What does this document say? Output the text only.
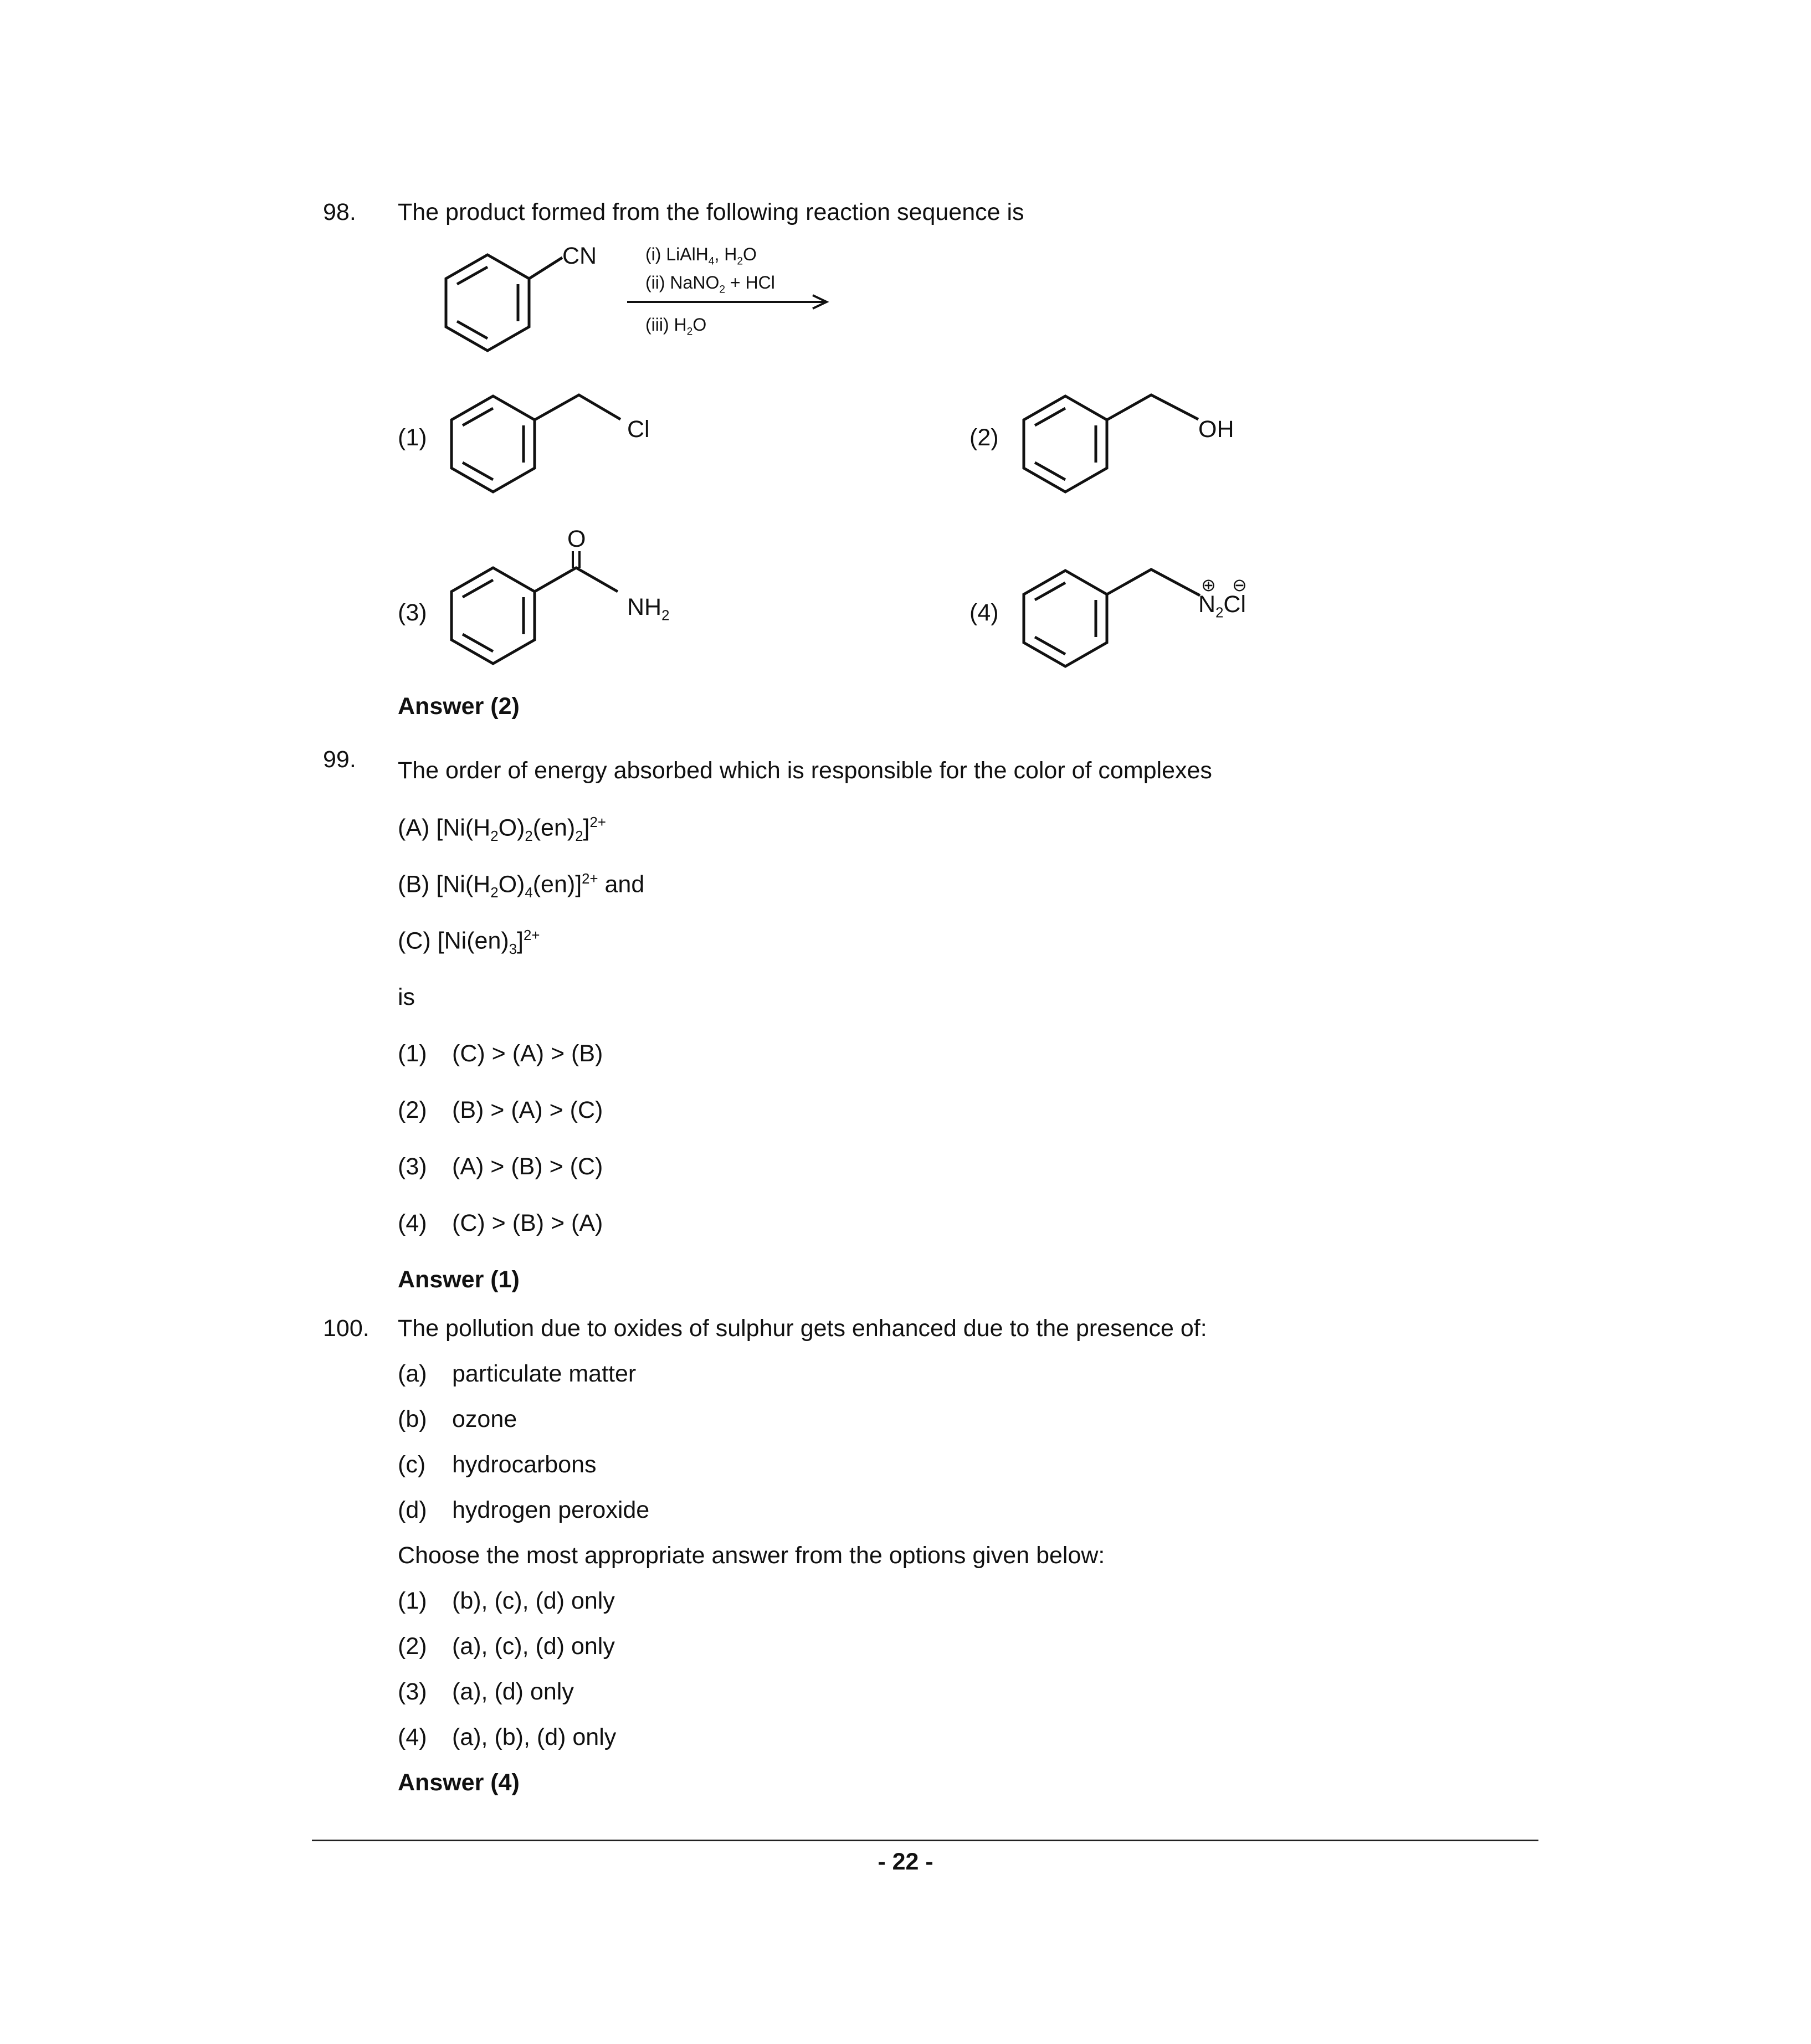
98. The product formed from the following reaction sequence is
CN	(i) LiAlH$_4$, $H_2O$
(ii) NaNO$_2$ + HCl
(iii) $H_2O$
(1)	Cl	(2)	OH
(3)
O
$NH_2$	(4)
⊕ ⊖
$N_2Cl$
Answer (2)
99. The order of energy absorbed which is responsible for the color of complexes
(A) $[Ni(H_2O)_2(en)_2]^{2+}$
(B) $[Ni(H_2O)_4(en)]^{2+}$ and
(C) $[Ni(en)_3]^{2+}$
is
(1) (C) > (A) > (B)
(2) (B) > (A) > (C)
(3) (A) > (B) > (C)
(4) (C) > (B) > (A)
Answer (1)
100. The pollution due to oxides of sulphur gets enhanced due to the presence of:
(a) particulate matter
(b) ozone
(c) hydrocarbons
(d) hydrogen peroxide
Choose the most appropriate answer from the options given below:
(1) (b), (c), (d) only
(2) (a), (c), (d) only
(3) (a), (d) only
(4) (a), (b), (d) only
Answer (4)
- 22 -
